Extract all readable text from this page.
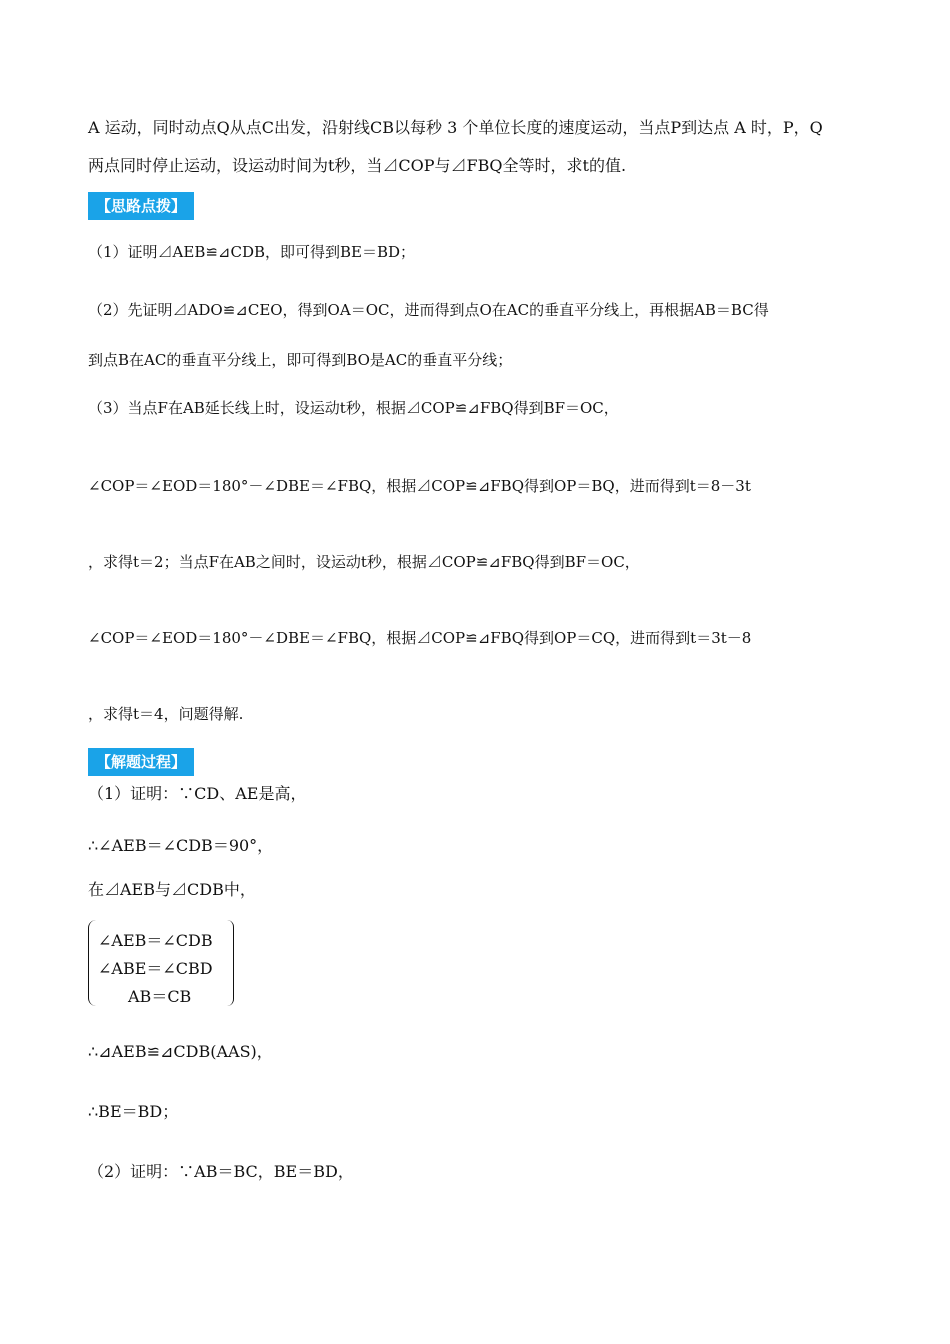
A 运动，同时动点Q从点C出发，沿射线CB以每秒 3 个单位长度的速度运动，当点P到达点 A 时，P，Q
两点同时停止运动，设运动时间为t秒，当⊿COP与⊿FBQ全等时，求t的值.
【思路点拨】
（1）证明⊿AEB≌⊿CDB，即可得到BE＝BD；
（2）先证明⊿ADO≌⊿CEO，得到OA＝OC，进而得到点O在AC的垂直平分线上，再根据AB＝BC得
到点B在AC的垂直平分线上，即可得到BO是AC的垂直平分线；
（3）当点F在AB延长线上时，设运动t秒，根据⊿COP≌⊿FBQ得到BF＝OC，
∠COP＝∠EOD＝180°－∠DBE＝∠FBQ，根据⊿COP≌⊿FBQ得到OP＝BQ，进而得到t＝8－3t
，求得t＝2；当点F在AB之间时，设运动t秒，根据⊿COP≌⊿FBQ得到BF＝OC，
∠COP＝∠EOD＝180°－∠DBE＝∠FBQ，根据⊿COP≌⊿FBQ得到OP＝CQ，进而得到t＝3t－8
，求得t＝4，问题得解.
【解题过程】
（1）证明：∵CD、AE是高，
∴∠AEB＝∠CDB＝90°，
在⊿AEB与⊿CDB中，
∠AEB＝∠CDB
∠ABE＝∠CBD
AB＝CB
∴⊿AEB≌⊿CDB(AAS)，
∴BE＝BD；
（2）证明：∵AB＝BC，BE＝BD，
